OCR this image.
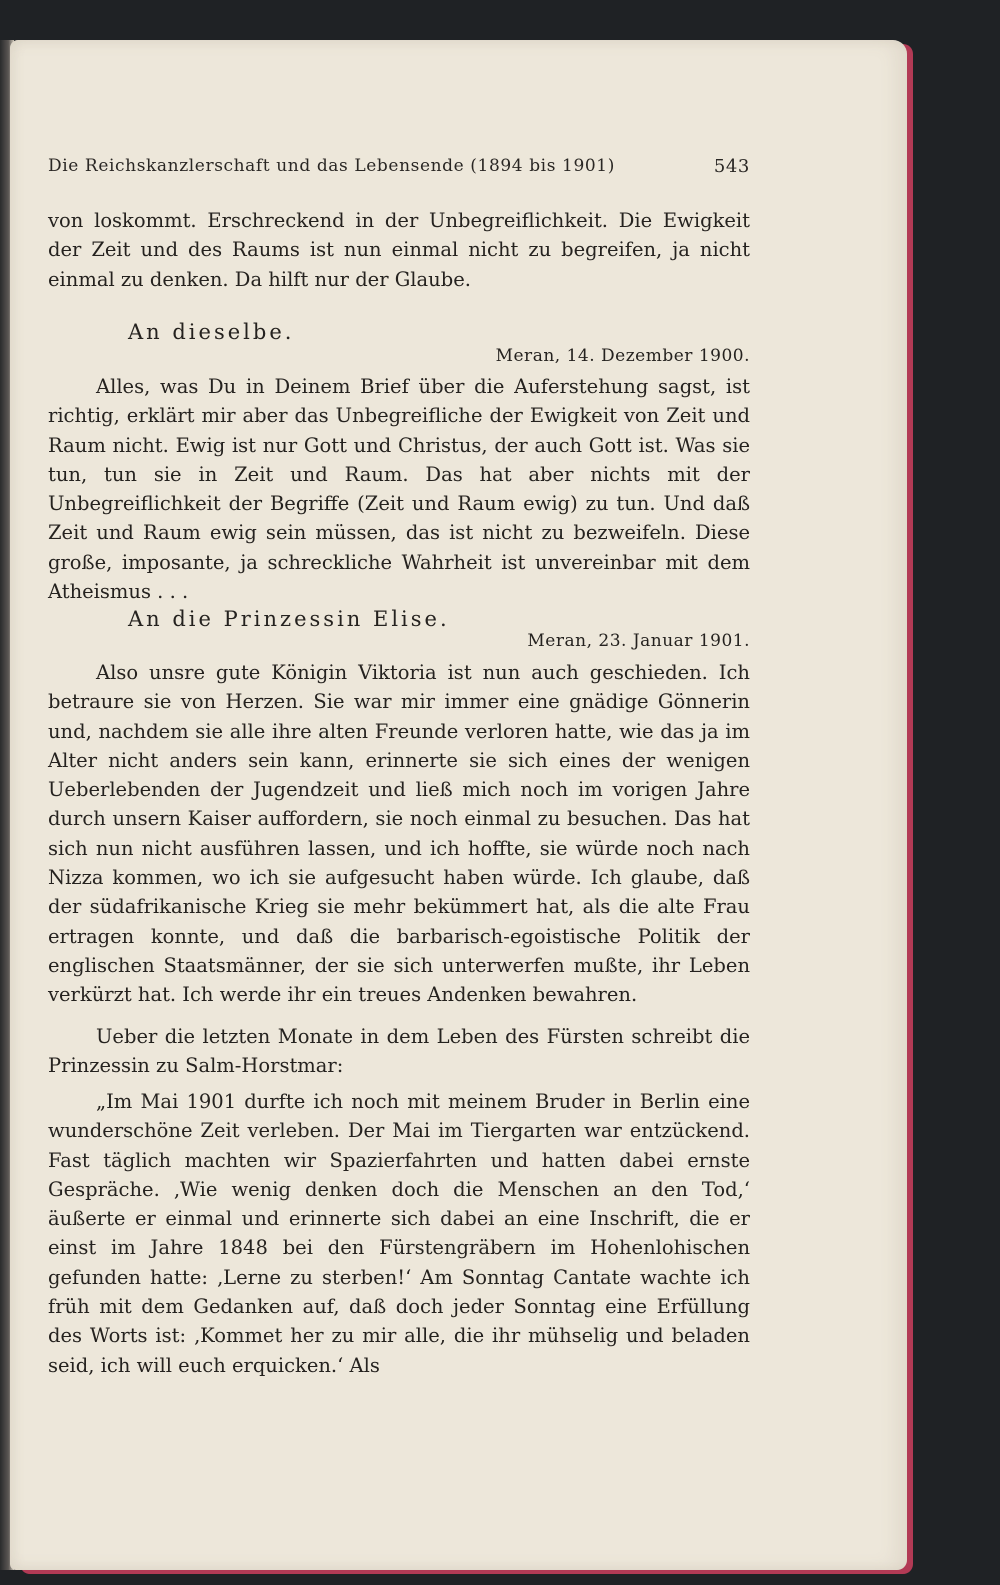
Die Reichskanzlerschaft und das Lebensende (1894 bis 1901)	543

von loskommt. Erschreckend in der Unbegreiflichkeit. Die Ewigkeit der Zeit und des Raums ist nun einmal nicht zu begreifen, ja nicht einmal zu denken. Da hilft nur der Glaube.

An dieselbe.
Meran, 14. Dezember 1900.

Alles, was Du in Deinem Brief über die Auferstehung sagst, ist richtig, erklärt mir aber das Unbegreifliche der Ewigkeit von Zeit und Raum nicht. Ewig ist nur Gott und Christus, der auch Gott ist. Was sie tun, tun sie in Zeit und Raum. Das hat aber nichts mit der Unbegreiflichkeit der Begriffe (Zeit und Raum ewig) zu tun. Und daß Zeit und Raum ewig sein müssen, das ist nicht zu bezweifeln. Diese große, imposante, ja schreckliche Wahrheit ist unvereinbar mit dem Atheismus . . .

An die Prinzessin Elise.
Meran, 23. Januar 1901.

Also unsre gute Königin Viktoria ist nun auch geschieden. Ich betraure sie von Herzen. Sie war mir immer eine gnädige Gönnerin und, nachdem sie alle ihre alten Freunde verloren hatte, wie das ja im Alter nicht anders sein kann, erinnerte sie sich eines der wenigen Ueberlebenden der Jugendzeit und ließ mich noch im vorigen Jahre durch unsern Kaiser auffordern, sie noch einmal zu besuchen. Das hat sich nun nicht ausführen lassen, und ich hoffte, sie würde noch nach Nizza kommen, wo ich sie aufgesucht haben würde. Ich glaube, daß der südafrikanische Krieg sie mehr bekümmert hat, als die alte Frau ertragen konnte, und daß die barbarisch-egoistische Politik der englischen Staatsmänner, der sie sich unterwerfen mußte, ihr Leben verkürzt hat. Ich werde ihr ein treues Andenken bewahren.

Ueber die letzten Monate in dem Leben des Fürsten schreibt die Prinzessin zu Salm-Horstmar:

„Im Mai 1901 durfte ich noch mit meinem Bruder in Berlin eine wunderschöne Zeit verleben. Der Mai im Tiergarten war entzückend. Fast täglich machten wir Spazierfahrten und hatten dabei ernste Gespräche. ‚Wie wenig denken doch die Menschen an den Tod,‘ äußerte er einmal und erinnerte sich dabei an eine Inschrift, die er einst im Jahre 1848 bei den Fürstengräbern im Hohenlohischen gefunden hatte: ‚Lerne zu sterben!‘ Am Sonntag Cantate wachte ich früh mit dem Gedanken auf, daß doch jeder Sonntag eine Erfüllung des Worts ist: ‚Kommet her zu mir alle, die ihr mühselig und beladen seid, ich will euch erquicken.‘ Als
